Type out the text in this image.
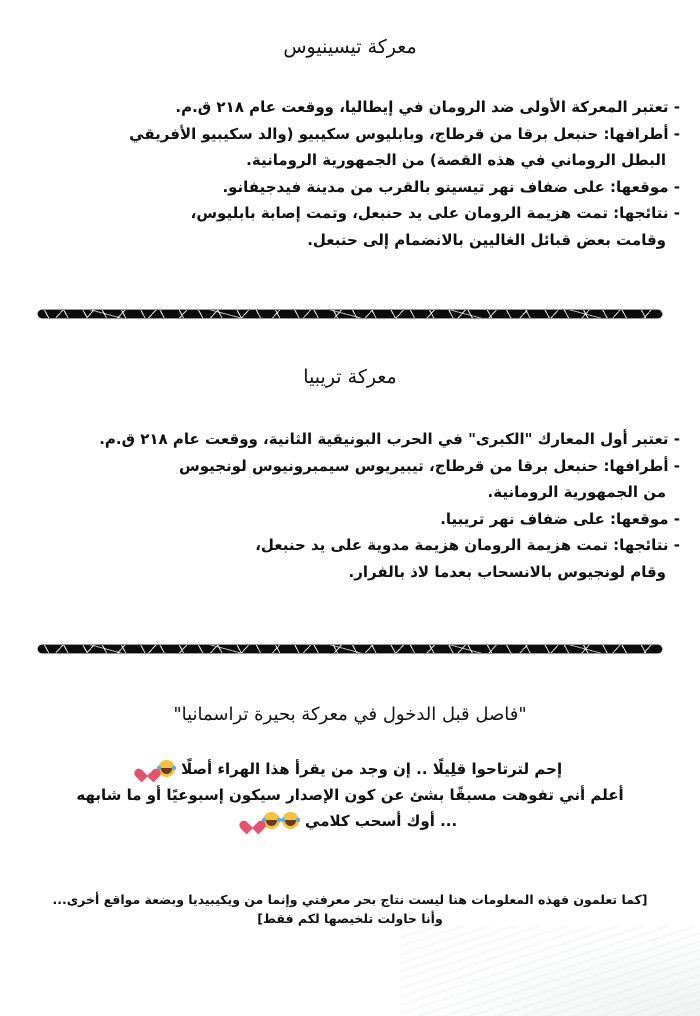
معركة تيسينيوس
- تعتبر المعركة الأولى ضد الرومان في إيطاليا، ووقعت عام ٢١٨ ق.م.
- أطرافها: حنبعل برقا من قرطاج، وبابليوس سكيبيو (والد سكيبيو الأفريقي
البطل الروماني في هذه القصة) من الجمهورية الرومانية.
- موقعها: على ضفاف نهر تيسينو بالقرب من مدينة فيدجيفانو.
- نتائجها: تمت هزيمة الرومان على يد حنبعل، وتمت إصابة بابليوس،
وقامت بعض قبائل الغاليين بالانضمام إلى حنبعل.
معركة تريبيا
- تعتبر أول المعارك "الكبرى" في الحرب البونيقية الثانية، ووقعت عام ٢١٨ ق.م.
- أطرافها: حنبعل برقا من قرطاج، تيبيريوس سيمبرونيوس لونجيوس
من الجمهورية الرومانية.
- موقعها: على ضفاف نهر تريبيا.
- نتائجها: تمت هزيمة الرومان هزيمة مدوية على يد حنبعل،
وقام لونجيوس بالانسحاب بعدما لاذ بالفرار.
"فاصل قبل الدخول في معركة بحيرة تراسمانيا"
إحم لترتاحوا قلِيلًا .. إن وجد من يقرأ هذا الهراء أصلًا
أعلم أني تفوهت مسبقًا بشئ عن كون الإصدار سيكون إسبوعيًا أو ما شابهه
... أوك أسحب كلامي
[كما تعلمون فهذه المعلومات هنا ليست نتاج بحر معرفتي وإنما من ويكيبيديا وبضعة مواقع أخرى...
وأنا حاولت تلخيصها لكم فقط]
